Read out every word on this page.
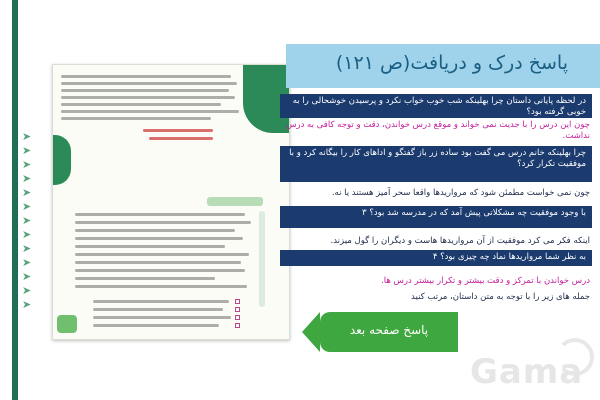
➤
➤
➤
➤
➤
➤
➤
➤
➤
➤
➤
➤
➤
پاسخ درک و دریافت(ص ۱۲۱)
در لحظه پایانی داستان چرا بهلینکه شب خوب خواب نکرد و پرسیدن خوشحالی را به خوبی گرفته بود؟
چون این درس را با جدیت نمی خواند و موقع درس خواندن، دقت و توجه کافی به درس نداشت.
چرا بهلینکه خانم درس می گفت بود ساده زر باز گفتگو و اداهای کار را بیگانه کرد و با موفقیت تکرار کرد؟
چون نمی خواست مطمئن شود که مرواریدها واقعا سحر آمیز هستند یا نه.
با وجود موفقیت چه مشکلاتی پیش آمد که در مدرسه شد بود؟ ۳
اینکه فکر می کرد موفقیت از آن مرواریدها هاست و دیگران را گول میزند.
به نظر شما مرواریدها نماد چه چیزی بود؟ ۴
درس خواندن با تمرکز و دقت بیشتر و تکرار بیشتر درس ها.
جمله های زیر را با توجه به متن داستان، مرتب کنید
پاسخ صفحه بعد
Gama
